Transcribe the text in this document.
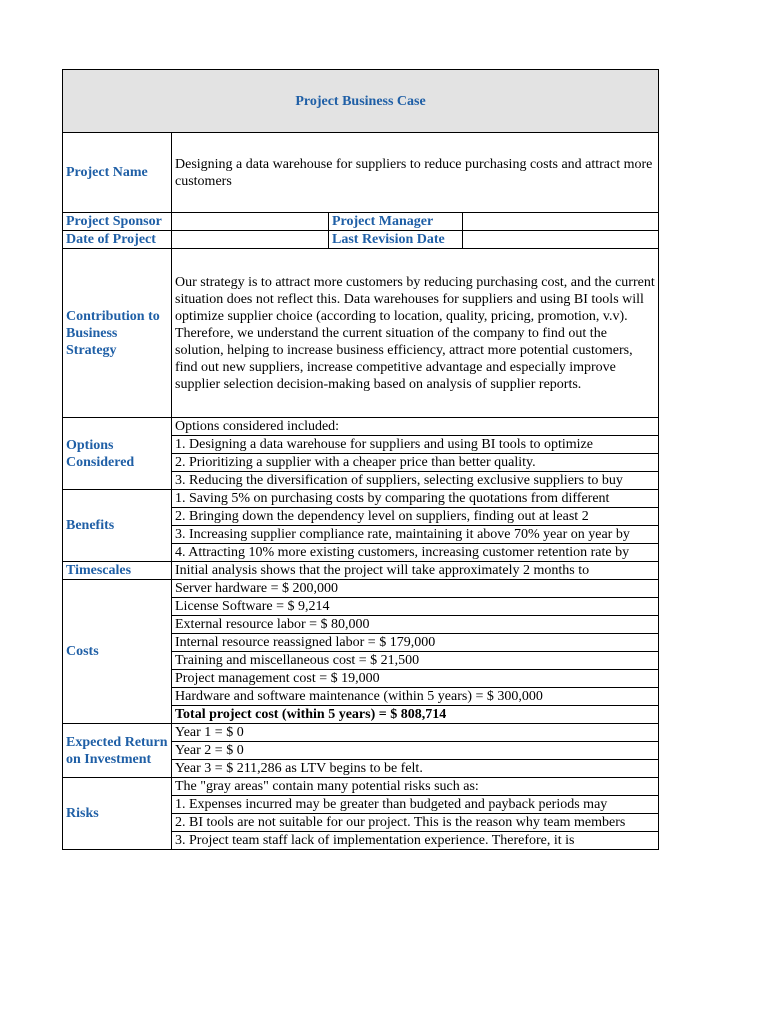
Project Business Case			
Project Name	Designing a data warehouse for suppliers to reduce purchasing costs and attract more customers		
Project Sponsor		Project Manager	
Date of Project		Last Revision Date	
Contribution to Business Strategy	Our strategy is to attract more customers by reducing purchasing cost, and the current situation does not reflect this. Data warehouses for suppliers and using BI tools will optimize supplier choice (according to location, quality, pricing, promotion, v.v). Therefore, we understand the current situation of the company to find out the solution, helping to increase business efficiency, attract more potential customers, find out new suppliers, increase competitive advantage and especially improve supplier selection decision-making based on analysis of supplier reports.		
Options Considered	Options considered included:		
	1. Designing a data warehouse for suppliers and using BI tools to optimize		
	2. Prioritizing a supplier with a cheaper price than better quality.		
	3. Reducing the diversification of suppliers, selecting exclusive suppliers to buy		
Benefits	1. Saving 5% on purchasing costs by comparing the quotations from different		
	2. Bringing down the dependency level on suppliers, finding out at least 2		
	3. Increasing supplier compliance rate, maintaining it above 70% year on year by		
	4. Attracting 10% more existing customers, increasing customer retention rate by		
Timescales	Initial analysis shows that the project will take approximately 2 months to		
Costs	Server hardware = $ 200,000		
	License Software = $ 9,214		
	External resource labor = $ 80,000		
	Internal resource reassigned labor = $ 179,000		
	Training and miscellaneous cost = $ 21,500		
	Project management cost = $ 19,000		
	Hardware and software maintenance (within 5 years) = $ 300,000		
	Total project cost (within 5 years) = $ 808,714		
Expected Return on Investment	Year 1 = $ 0		
	Year 2 = $ 0		
	Year 3 = $ 211,286 as LTV begins to be felt.		
Risks	The "gray areas" contain many potential risks such as:		
	1. Expenses incurred may be greater than budgeted and payback periods may		
	2. BI tools are not suitable for our project. This is the reason why team members		
	3. Project team staff lack of implementation experience. Therefore, it is		
